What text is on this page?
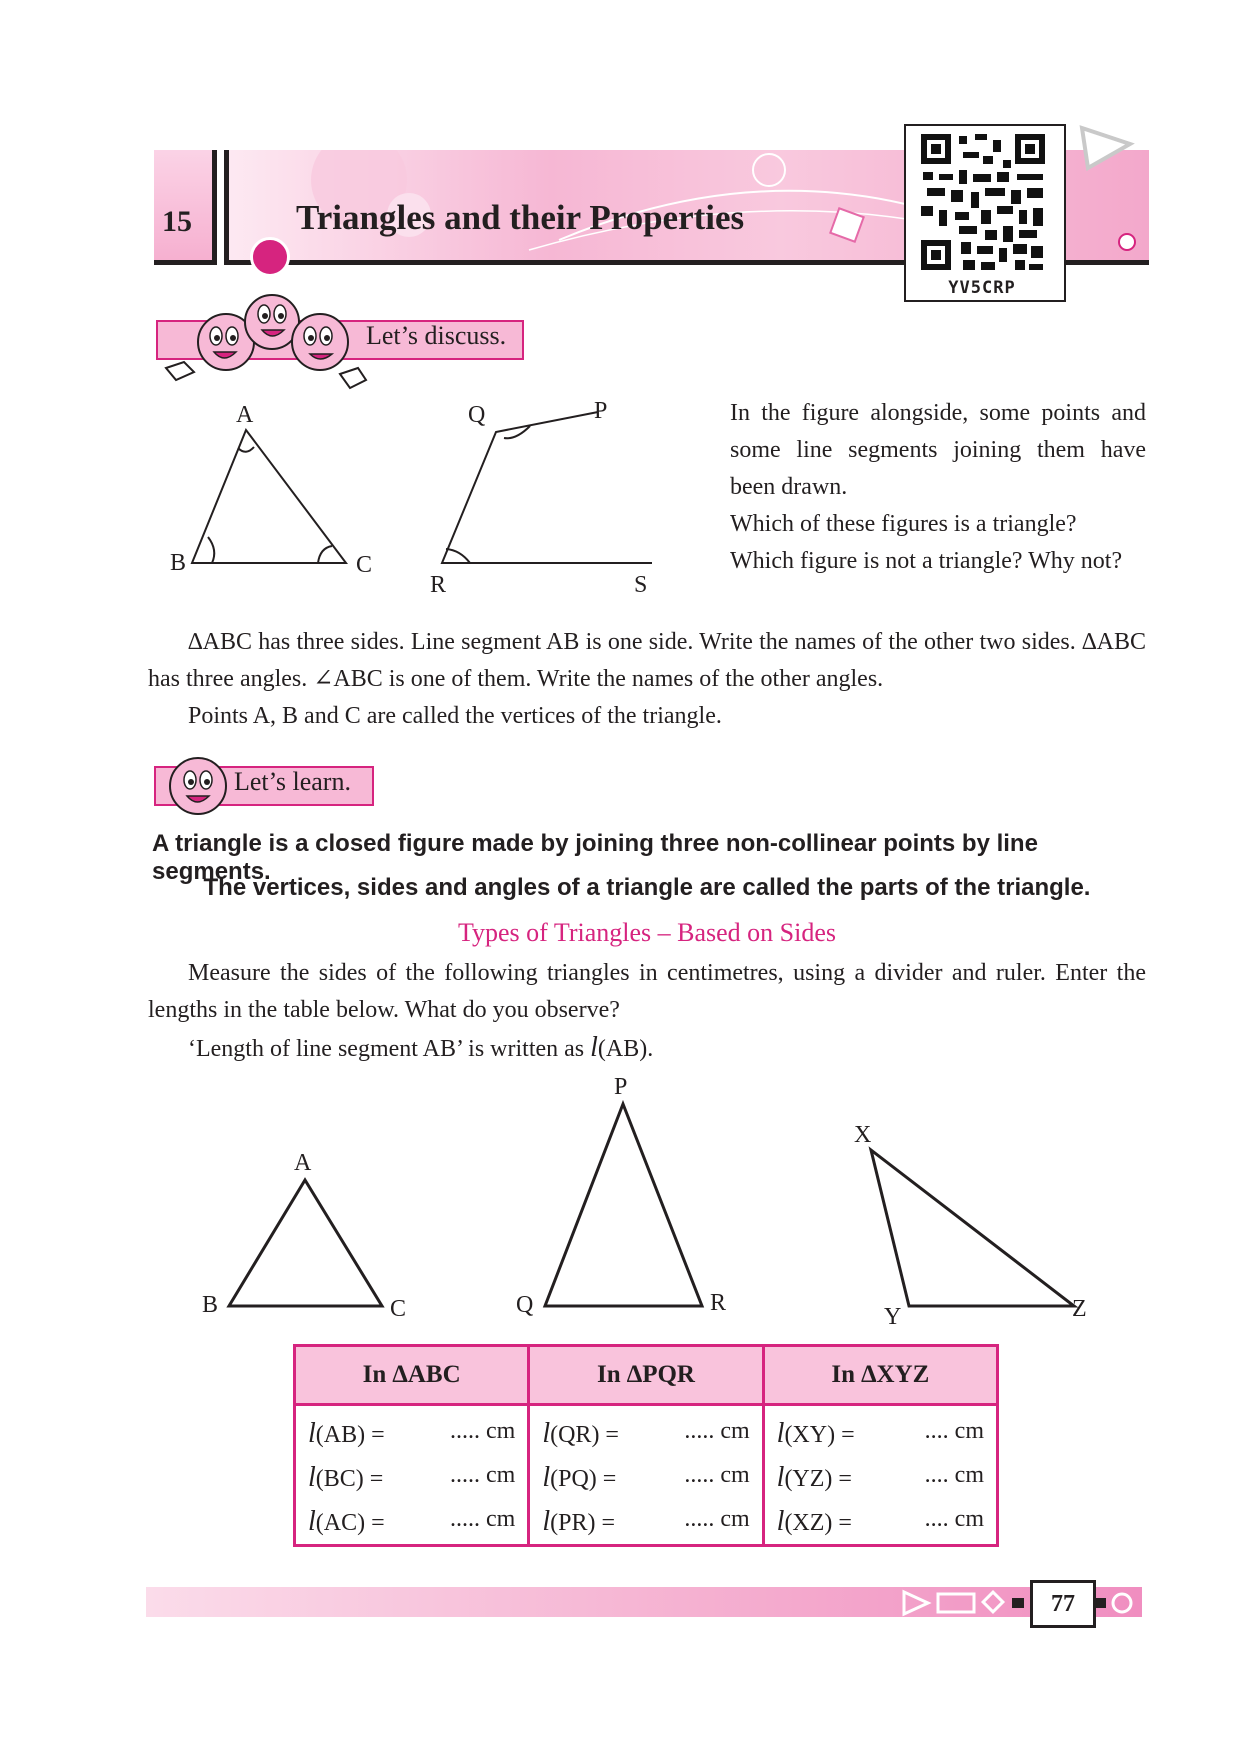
15	Triangles and their Properties
YV5CRP
Let’s discuss.
A
B	C
Q	P
R	S

In the figure alongside, some points and some line segments joining them have been drawn.

Which of these figures is a triangle?

Which figure is not a triangle? Why not?

∆ABC has three sides. Line segment AB is one side. Write the names of the other two sides. ∆ABC has three angles. ∠ABC is one of them. Write the names of the other angles.

Points A, B and C are called the vertices of the triangle.

Let’s learn.
A triangle is a closed figure made by joining three non-collinear points by line segments.
The vertices, sides and angles of a triangle are called the parts of the triangle.
Types of Triangles – Based on Sides

Measure the sides of the following triangles in centimetres, using a divider and ruler. Enter the lengths in the table below. What do you observe?

‘Length of line segment AB’ is written as l(AB).

A
B	C
P
Q	R
X
Y	Z
In ∆ABC	In ∆PQR	In ∆XYZ

l(AB) = ..... cm	l(QR) = ..... cm	l(XY) = .... cm

l(BC) = ..... cm	l(PQ) = ..... cm	l(YZ) = .... cm

l(AC) = ..... cm	l(PR) = ..... cm	l(XZ) = .... cm
77
